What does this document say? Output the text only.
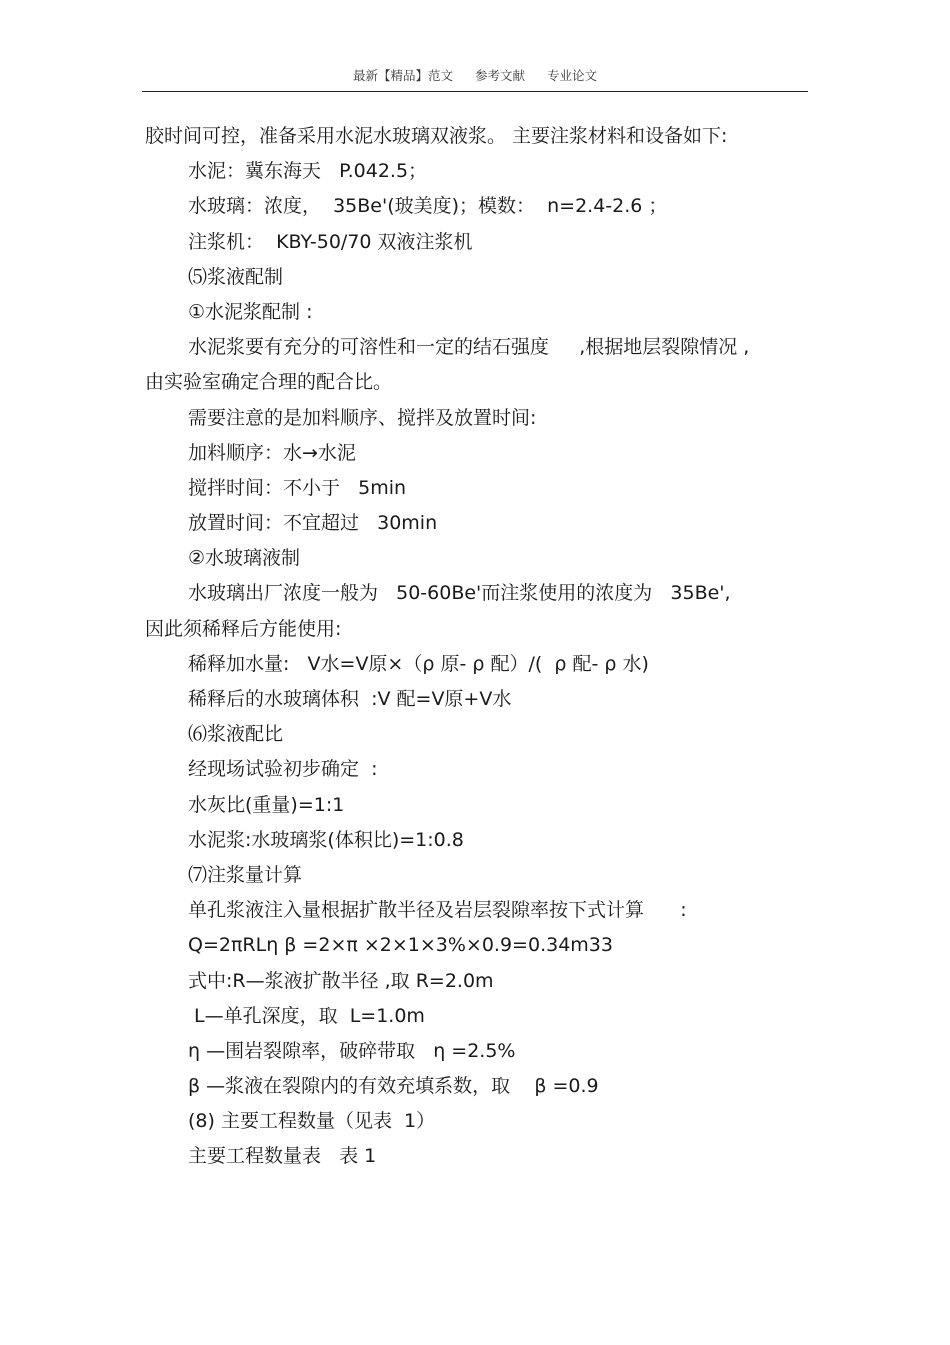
最新【精品】范文 参考文献 专业论文
胶时间可控，准备采用水泥水玻璃双液浆。 主要注浆材料和设备如下:
水泥：冀东海天   P.042.5；
水玻璃：浓度，  35Be'(玻美度)；模数：  n=2.4-2.6 ；
注浆机：  KBY-50/70 双液注浆机
⑸浆液配制
①水泥浆配制 :
水泥浆要有充分的可溶性和一定的结石强度     ,根据地层裂隙情况 ,
由实验室确定合理的配合比。
需要注意的是加料顺序、搅拌及放置时间:
加料顺序：水→水泥
搅拌时间：不小于   5min
放置时间：不宜超过   30min
②水玻璃液制
水玻璃出厂浓度一般为   50-60Be'而注浆使用的浓度为   35Be',
因此须稀释后方能使用:
稀释加水量:   V水=V原×（ρ 原- ρ 配）/(  ρ 配- ρ 水)
稀释后的水玻璃体积  :V 配=V原+V水
⑹浆液配比
经现场试验初步确定  :
水灰比(重量)=1:1
水泥浆:水玻璃浆(体积比)=1:0.8
⑺注浆量计算
单孔浆液注入量根据扩散半径及岩层裂隙率按下式计算      :
Q=2πRLη β =2×π ×2×1×3%×0.9=0.34m33
式中:R—浆液扩散半径 ,取 R=2.0m
L—单孔深度，取  L=1.0m
η —围岩裂隙率，破碎带取   η =2.5%
β —浆液在裂隙内的有效充填系数，取    β =0.9
(8) 主要工程数量（见表  1）
主要工程数量表   表 1
